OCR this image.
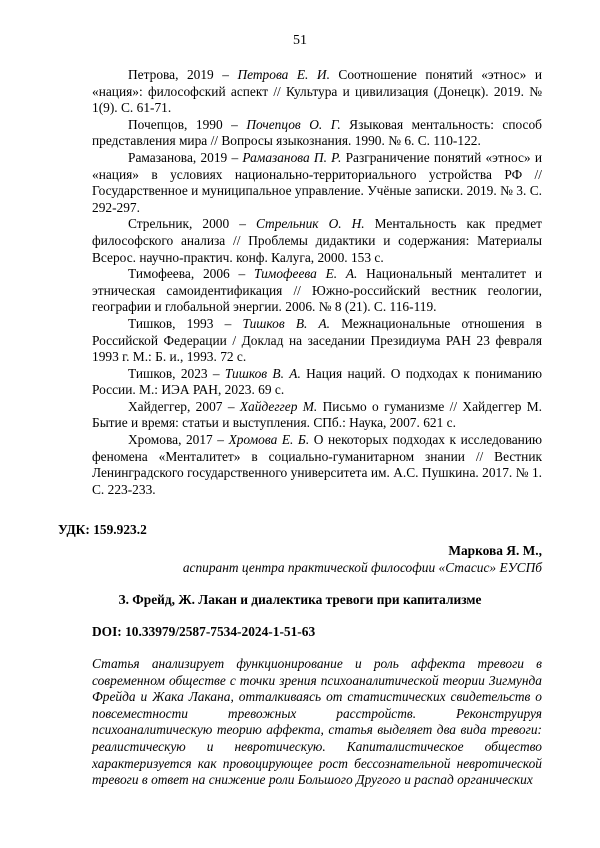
51

Петрова, 2019 – Петрова Е. И. Соотношение понятий «этнос» и «нация»: философский аспект // Культура и цивилизация (Донецк). 2019. № 1(9). С. 61-71.

Почепцов, 1990 – Почепцов О. Г. Языковая ментальность: способ представления мира // Вопросы языкознания. 1990. № 6. С. 110-122.

Рамазанова, 2019 – Рамазанова П. Р. Разграничение понятий «этнос» и «нация» в условиях национально-территориального устройства РФ // Государственное и муниципальное управление. Учёные записки. 2019. № 3. С. 292-297.

Стрельник, 2000 – Стрельник О. Н. Ментальность как предмет философского анализа // Проблемы дидактики и содержания: Материалы Всерос. научно-практич. конф. Калуга, 2000. 153 с.

Тимофеева, 2006 – Тимофеева Е. А. Национальный менталитет и этническая самоидентификация // Южно-российский вестник геологии, географии и глобальной энергии. 2006. № 8 (21). С. 116-119.

Тишков, 1993 – Тишков В. А. Межнациональные отношения в Российской Федерации / Доклад на заседании Президиума РАН 23 февраля 1993 г. М.: Б. и., 1993. 72 с.

Тишков, 2023 – Тишков В. А. Нация наций. О подходах к пониманию России. М.: ИЭА РАН, 2023. 69 с.

Хайдеггер, 2007 – Хайдеггер М. Письмо о гуманизме // Хайдеггер М. Бытие и время: статьи и выступления. СПб.: Наука, 2007. 621 с.

Хромова, 2017 – Хромова Е. Б. О некоторых подходах к исследованию феномена «Менталитет» в социально-гуманитарном знании // Вестник Ленинградского государственного университета им. А.С. Пушкина. 2017. № 1. С. 223-233.

УДК: 159.923.2
Маркова Я. М.,
аспирант центра практической философии «Стасис» ЕУСПб
З. Фрейд, Ж. Лакан и диалектика тревоги при капитализме
DOI: 10.33979/2587-7534-2024-1-51-63
Статья анализирует функционирование и роль аффекта тревоги в современном обществе с точки зрения психоаналитической теории Зигмунда Фрейда и Жака Лакана, отталкиваясь от статистических свидетельств о повсеместности тревожных расстройств. Реконструируя психоаналитическую теорию аффекта, статья выделяет два вида тревоги: реалистическую и невротическую. Капиталистическое общество характеризуется как провоцирующее рост бессознательной невротической тревоги в ответ на снижение роли Большого Другого и распад органических
